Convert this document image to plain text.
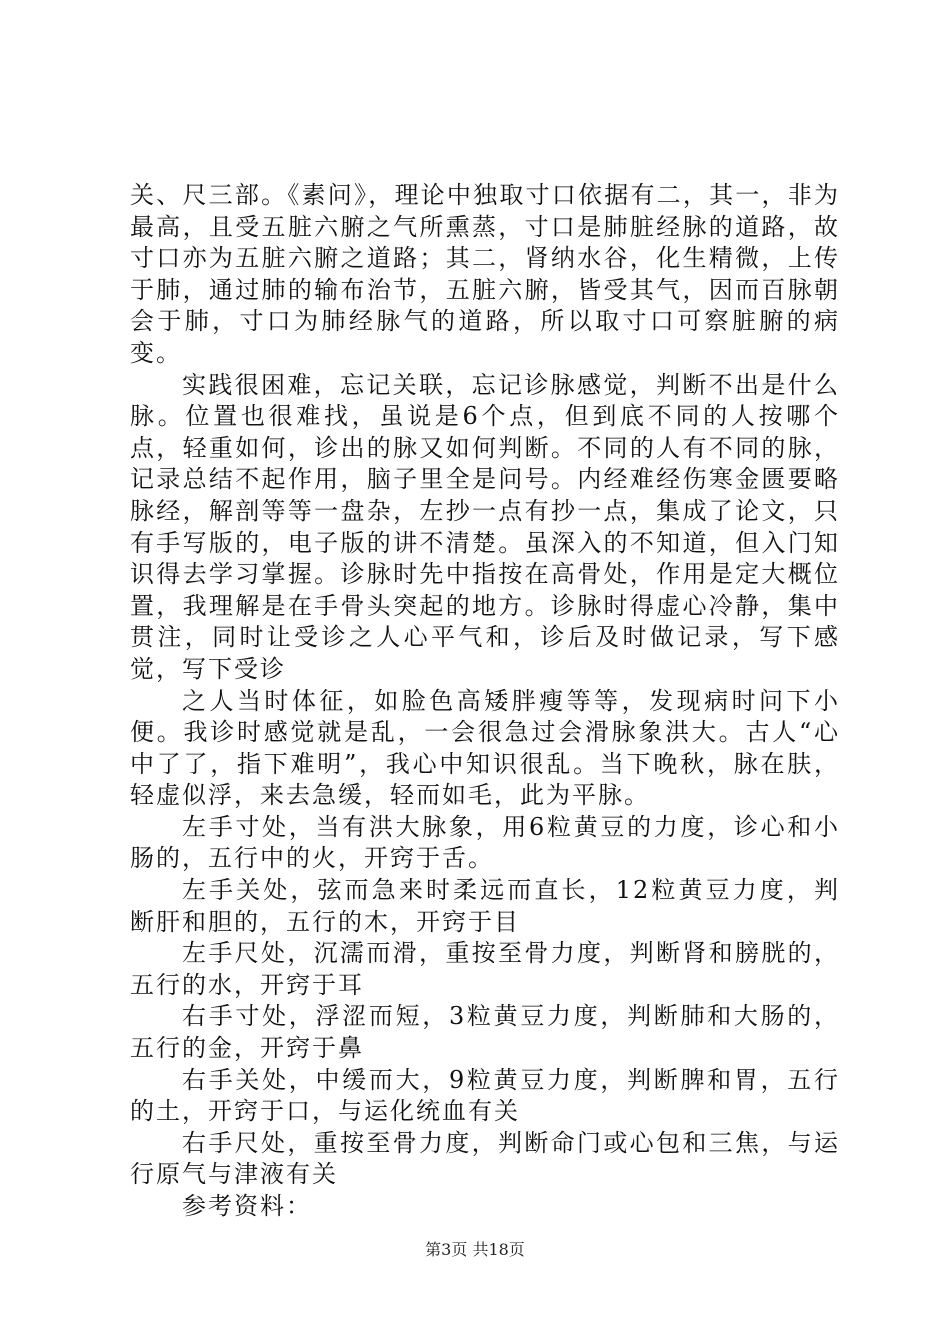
关、尺三部。《素问》，理论中独取寸口依据有二，其一，非为最高，且受五脏六腑之气所熏蒸，寸口是肺脏经脉的道路，故寸口亦为五脏六腑之道路；其二，肾纳水谷，化生精微，上传于肺，通过肺的输布治节，五脏六腑，皆受其气，因而百脉朝会于肺，寸口为肺经脉气的道路，所以取寸口可察脏腑的病变。

实践很困难，忘记关联，忘记诊脉感觉，判断不出是什么脉。位置也很难找，虽说是6个点，但到底不同的人按哪个点，轻重如何，诊出的脉又如何判断。不同的人有不同的脉，记录总结不起作用，脑子里全是问号。内经难经伤寒金匮要略脉经，解剖等等一盘杂，左抄一点有抄一点，集成了论文，只有手写版的，电子版的讲不清楚。虽深入的不知道，但入门知识得去学习掌握。诊脉时先中指按在高骨处，作用是定大概位置，我理解是在手骨头突起的地方。诊脉时得虚心冷静，集中贯注，同时让受诊之人心平气和，诊后及时做记录，写下感觉，写下受诊

之人当时体征，如脸色高矮胖瘦等等，发现病时问下小便。我诊时感觉就是乱，一会很急过会滑脉象洪大。古人“心中了了，指下难明”，我心中知识很乱。当下晚秋，脉在肤，轻虚似浮，来去急缓，轻而如毛，此为平脉。

左手寸处，当有洪大脉象，用6粒黄豆的力度，诊心和小肠的，五行中的火，开窍于舌。

左手关处，弦而急来时柔远而直长，12粒黄豆力度，判断肝和胆的，五行的木，开窍于目

左手尺处，沉濡而滑，重按至骨力度，判断肾和膀胱的，五行的水，开窍于耳

右手寸处，浮涩而短，3粒黄豆力度，判断肺和大肠的，五行的金，开窍于鼻

右手关处，中缓而大，9粒黄豆力度，判断脾和胃，五行的土，开窍于口，与运化统血有关

右手尺处，重按至骨力度，判断命门或心包和三焦，与运行原气与津液有关

参考资料：

第3页 共18页
